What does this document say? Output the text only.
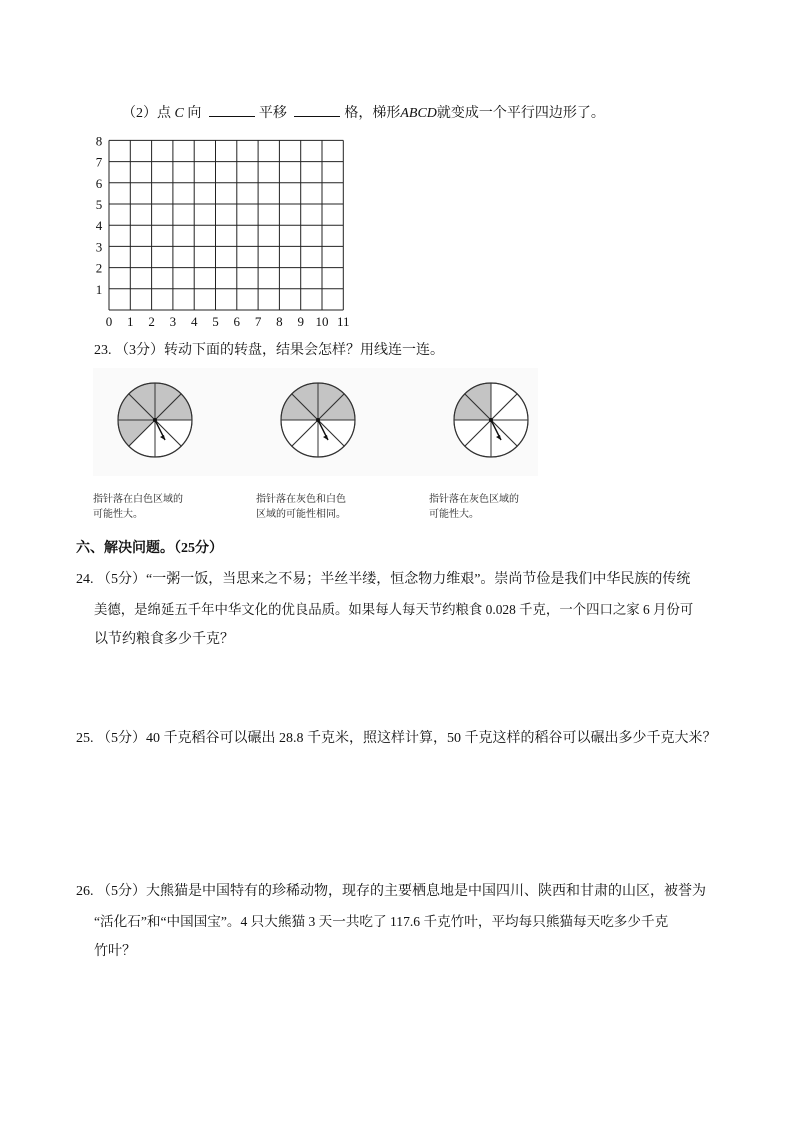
（2）点 C 向	平移	格，梯形ABCD就变成一个平行四边形了。
0 1 2 3 4 5 6 7 8 9 10 11
1
2
3
4
5
6
7
8
23. （3分）转动下面的转盘，结果会怎样？用线连一连。
指针落在白色区域的
可能性大。
指针落在灰色和白色
区域的可能性相同。
指针落在灰色区域的
可能性大。
六、解决问题。（25分）
24. （5分）“一粥一饭，当思来之不易；半丝半缕，恒念物力维艰”。崇尚节俭是我们中华民族的传统
美德，是绵延五千年中华文化的优良品质。如果每人每天节约粮食 0.028 千克，一个四口之家 6 月份可
以节约粮食多少千克？
25. （5分）40 千克稻谷可以碾出 28.8 千克米，照这样计算，50 千克这样的稻谷可以碾出多少千克大米？
26. （5分）大熊猫是中国特有的珍稀动物，现存的主要栖息地是中国四川、陕西和甘肃的山区，被誉为
“活化石”和“中国国宝”。4 只大熊猫 3 天一共吃了 117.6 千克竹叶，平均每只熊猫每天吃多少千克
竹叶？
